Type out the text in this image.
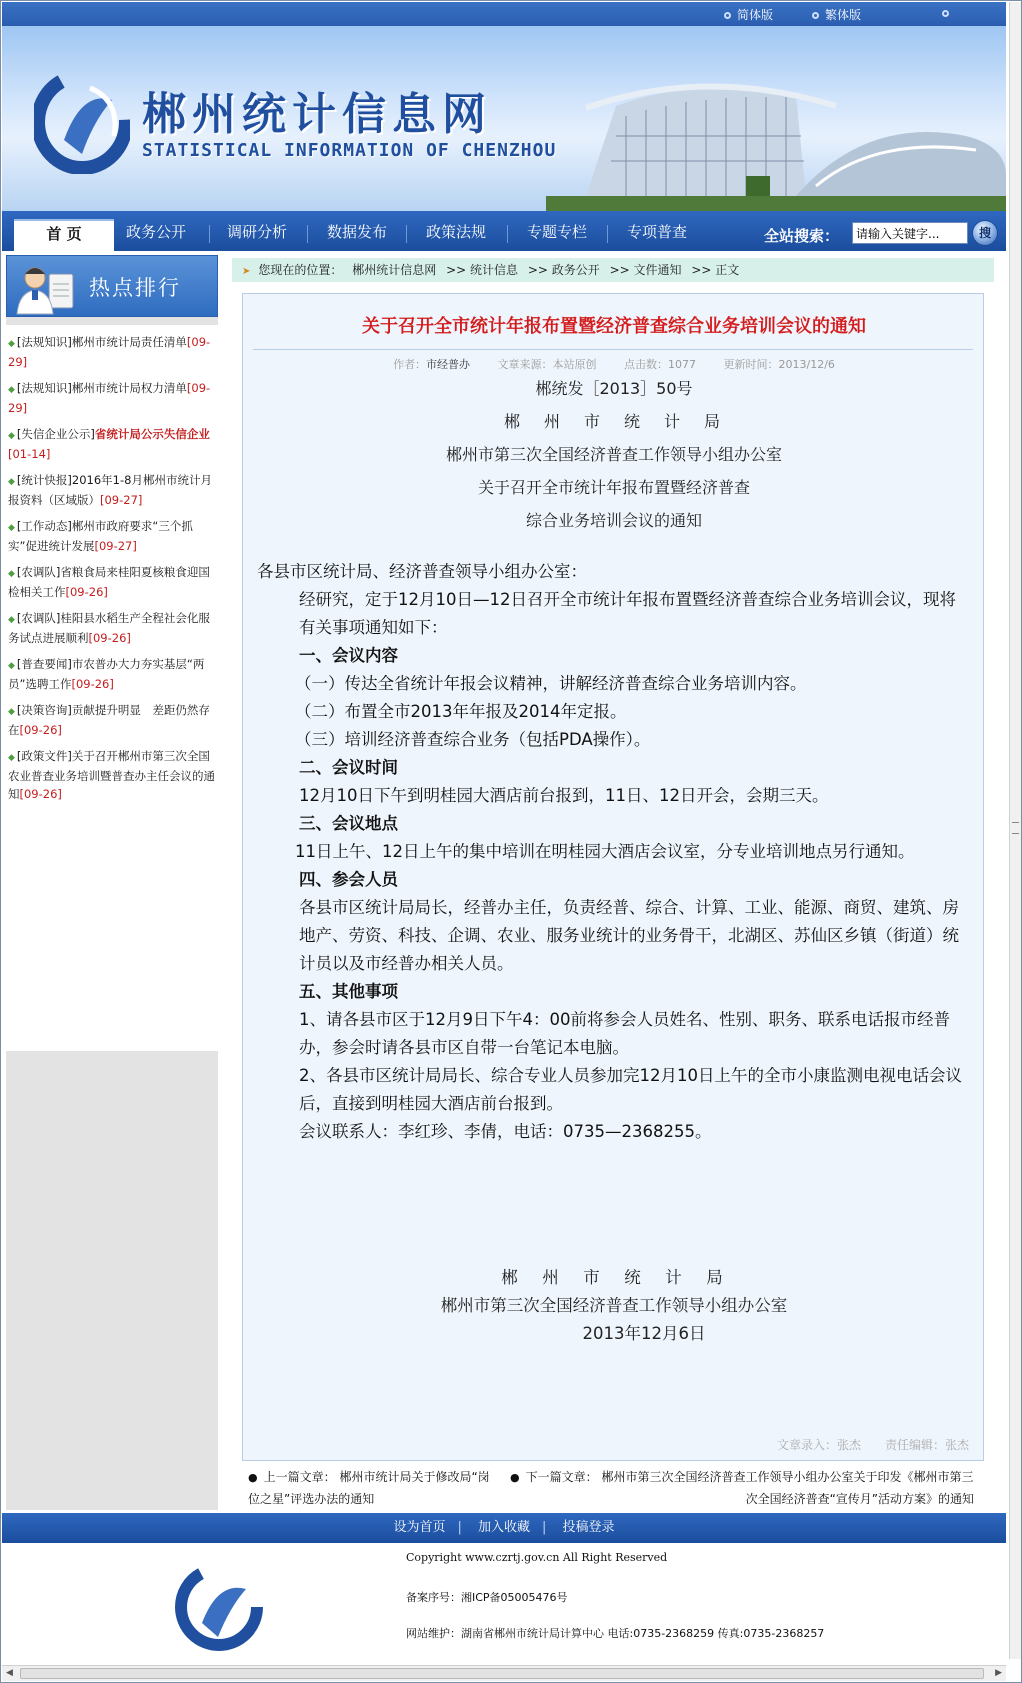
简体版	繁体版
郴州统计信息网
STATISTICAL INFORMATION OF CHENZHOU
首 页	政务公开	调研分析	数据发布	政策法规	专题专栏	专项普查	全站搜索：
请输入关键字...	搜
热点排行
◆ [法规知识]郴州市统计局责任清单[09-29]
◆ [法规知识]郴州市统计局权力清单[09-29]
◆ [失信企业公示]省统计局公示失信企业[01-14]
◆ [统计快报]2016年1-8月郴州市统计月报资料（区域版）[09-27]
◆ [工作动态]郴州市政府要求“三个抓实”促进统计发展[09-27]
◆ [农调队]省粮食局来桂阳夏核粮食迎国检相关工作[09-26]
◆ [农调队]桂阳县水稻生产全程社会化服务试点进展顺利[09-26]
◆ [普查要闻]市农普办大力夯实基层“两员”选聘工作[09-26]
◆ [决策咨询]贡献提升明显　差距仍然存在[09-26]
◆ [政策文件]关于召开郴州市第三次全国农业普查业务培训暨普查办主任会议的通知[09-26]
➤ 您现在的位置： 郴州统计信息网 >> 统计信息 >> 政务公开 >> 文件通知 >> 正文
关于召开全市统计年报布置暨经济普查综合业务培训会议的通知
作者：市经普办 文章来源：本站原创 点击数：1077 更新时间：2013/12/6
郴统发［2013］50号
郴　州　市　统　计　局
郴州市第三次全国经济普查工作领导小组办公室
关于召开全市统计年报布置暨经济普查
综合业务培训会议的通知

各县市区统计局、经济普查领导小组办公室：

经研究，定于12月10日—12日召开全市统计年报布置暨经济普查综合业务培训会议，现将有关事项通知如下：

一、会议内容

（一）传达全省统计年报会议精神，讲解经济普查综合业务培训内容。

（二）布置全市2013年年报及2014年定报。

（三）培训经济普查综合业务（包括PDA操作）。

二、会议时间

12月10日下午到明桂园大酒店前台报到，11日、12日开会，会期三天。

三、会议地点

11日上午、12日上午的集中培训在明桂园大酒店会议室，分专业培训地点另行通知。

四、参会人员

各县市区统计局局长，经普办主任，负责经普、综合、计算、工业、能源、商贸、建筑、房地产、劳资、科技、企调、农业、服务业统计的业务骨干，北湖区、苏仙区乡镇（街道）统计员以及市经普办相关人员。

五、其他事项

1、请各县市区于12月9日下午4：00前将参会人员姓名、性别、职务、联系电话报市经普办，参会时请各县市区自带一台笔记本电脑。

2、各县市区统计局局长、综合专业人员参加完12月10日上午的全市小康监测电视电话会议后，直接到明桂园大酒店前台报到。

会议联系人：李红珍、李倩，电话：0735—2368255。

郴　州　市　统　计　局
郴州市第三次全国经济普查工作领导小组办公室
2013年12月6日
文章录入：张杰　　责任编辑：张杰
● 上一篇文章： 郴州市统计局关于修改局“岗
位之星”评选办法的通知
● 下一篇文章： 郴州市第三次全国经济普查工作领导小组办公室关于印发《郴州市第三
次全国经济普查“宣传月”活动方案》的通知
设为首页 | 加入收藏 | 投稿登录
Copyright www.czrtj.gov.cn All Right Reserved
备案序号：湘ICP备05005476号
网站维护：湖南省郴州市统计局计算中心 电话:0735-2368259 传真:0735-2368257
◀	▶
